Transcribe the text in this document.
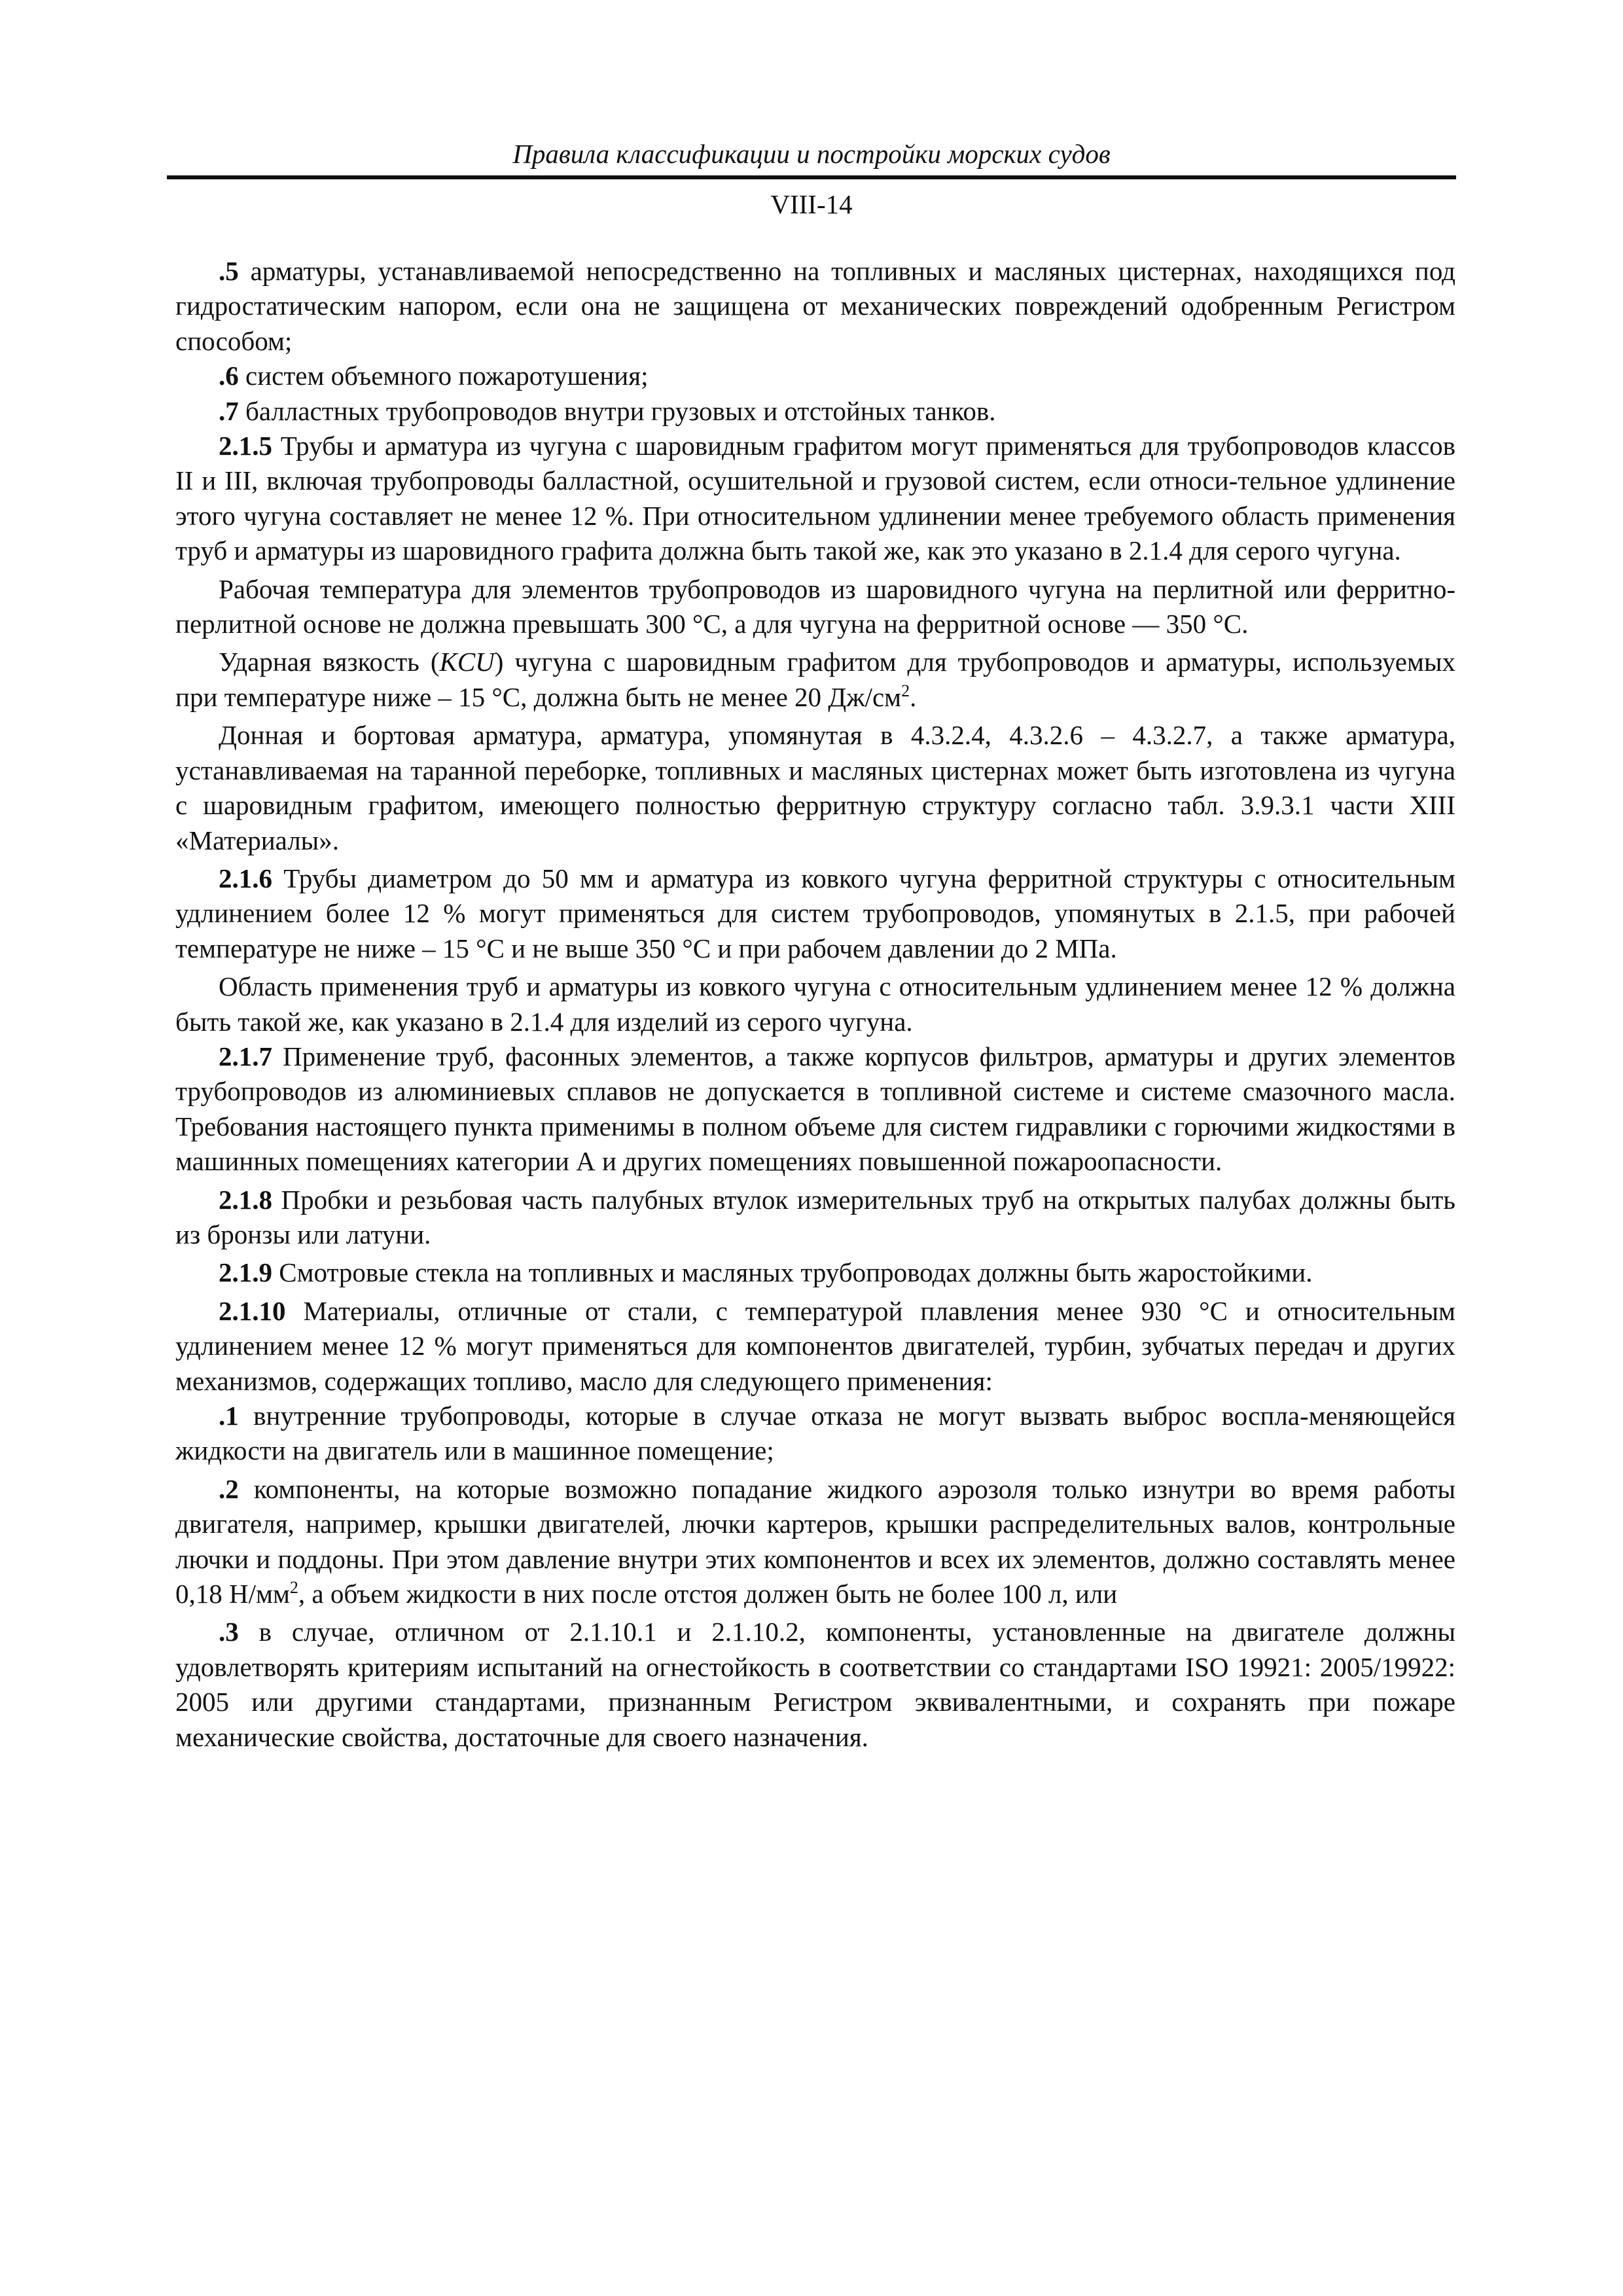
Правила классификации и постройки морских судов
VIII-14

.5 арматуры, устанавливаемой непосредственно на топливных и масляных цистернах, находящихся под гидростатическим напором, если она не защищена от механических повреждений одобренным Регистром способом;

.6 систем объемного пожаротушения;

.7 балластных трубопроводов внутри грузовых и отстойных танков.

2.1.5 Трубы и арматура из чугуна с шаровидным графитом могут применяться для трубопроводов классов II и III, включая трубопроводы балластной, осушительной и грузовой систем, если относи-тельное удлинение этого чугуна составляет не менее 12 %. При относительном удлинении менее требуемого область применения труб и арматуры из шаровидного графита должна быть такой же, как это указано в 2.1.4 для серого чугуна.

Рабочая температура для элементов трубопроводов из шаровидного чугуна на перлитной или ферритно-перлитной основе не должна превышать 300 °С, а для чугуна на ферритной основе — 350 °С.

Ударная вязкость (KCU) чугуна с шаровидным графитом для трубопроводов и арматуры, используемых при температуре ниже – 15 °С, должна быть не менее 20 $Дж/см^2$.

Донная и бортовая арматура, арматура, упомянутая в 4.3.2.4, 4.3.2.6 – 4.3.2.7, а также арматура, устанавливаемая на таранной переборке, топливных и масляных цистернах может быть изготовлена из чугуна с шаровидным графитом, имеющего полностью ферритную структуру согласно табл. 3.9.3.1 части XIII «Материалы».

2.1.6 Трубы диаметром до 50 мм и арматура из ковкого чугуна ферритной структуры с относительным удлинением более 12 % могут применяться для систем трубопроводов, упомянутых в 2.1.5, при рабочей температуре не ниже – 15 °С и не выше 350 °С и при рабочем давлении до 2 МПа.

Область применения труб и арматуры из ковкого чугуна с относительным удлинением менее 12 % должна быть такой же, как указано в 2.1.4 для изделий из серого чугуна.

2.1.7 Применение труб, фасонных элементов, а также корпусов фильтров, арматуры и других элементов трубопроводов из алюминиевых сплавов не допускается в топливной системе и системе смазочного масла. Требования настоящего пункта применимы в полном объеме для систем гидравлики с горючими жидкостями в машинных помещениях категории А и других помещениях повышенной пожароопасности.

2.1.8 Пробки и резьбовая часть палубных втулок измерительных труб на открытых палубах должны быть из бронзы или латуни.

2.1.9 Смотровые стекла на топливных и масляных трубопроводах должны быть жаростойкими.

2.1.10 Материалы, отличные от стали, с температурой плавления менее 930 °С и относительным удлинением менее 12 % могут применяться для компонентов двигателей, турбин, зубчатых передач и других механизмов, содержащих топливо, масло для следующего применения:

.1 внутренние трубопроводы, которые в случае отказа не могут вызвать выброс воспла-меняющейся жидкости на двигатель или в машинное помещение;

.2 компоненты, на которые возможно попадание жидкого аэрозоля только изнутри во время работы двигателя, например, крышки двигателей, лючки картеров, крышки распределительных валов, контрольные лючки и поддоны. При этом давление внутри этих компонентов и всех их элементов, должно составлять менее 0,18 $Н/мм^2$, а объем жидкости в них после отстоя должен быть не более 100 л, или

.3 в случае, отличном от 2.1.10.1 и 2.1.10.2, компоненты, установленные на двигателе должны удовлетворять критериям испытаний на огнестойкость в соответствии со стандартами ISO 19921: 2005/19922: 2005 или другими стандартами, признанным Регистром эквивалентными, и сохранять при пожаре механические свойства, достаточные для своего назначения.
